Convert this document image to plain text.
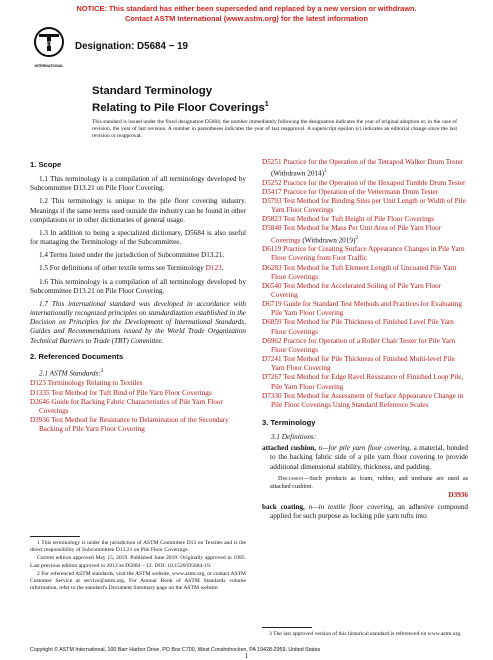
NOTICE: This standard has either been superseded and replaced by a new version or withdrawn.
Contact ASTM International (www.astm.org) for the latest information
ASTM
INTERNATIONAL
Designation: D5684 − 19
Standard Terminology
Relating to Pile Floor Coverings$^1$
This standard is issued under the fixed designation D5684; the number immediately following the designation indicates the year of original adoption or, in the case of revision, the year of last revision. A number in parentheses indicates the year of last reapproval. A superscript epsilon (ε) indicates an editorial change since the last revision or reapproval.
1. Scope

1.1 This terminology is a compilation of all terminology developed by Subcommittee D13.21 on Pile Floor Covering.

1.2 This terminology is unique to the pile floor covering industry. Meanings if the same terms used outside the industry can be found in other compilations or in other dictionaries of general usage.

1.3 In addition to being a specialized dictionary, D5684 is also useful for managing the Terminology of the Subcommittee.

1.4 Terms listed under the jurisdiction of Subcommittee D13.21.

1.5 For definitions of other textile terms see Terminology D123.

1.6 This terminology is a compilation of all terminology developed by Subcommittee D13.21 on Pile Floor Covering.

1.7 This international standard was developed in accordance with internationally recognized principles on standardization established in the Decision on Principles for the Development of International Standards, Guides and Recommendations issued by the World Trade Organization Technical Barriers to Trade (TBT) Committee.

2. Referenced Documents

2.1 ASTM Standards:$^2$

D123 Terminology Relating to Textiles
D1335 Test Method for Tuft Bind of Pile Yarn Floor Coverings
D2646 Guide for Backing Fabric Characteristics of Pile Yarn Floor Coverings
D3936 Test Method for Resistance to Delamination of the Secondary Backing of Pile Yarn Floor Covering

1 This terminology is under the jurisdiction of ASTM Committee D13 on Textiles and is the direct responsibility of Subcommittee D13.21 on Pile Floor Coverings.

Current edition approved May 15, 2019. Published June 2019. Originally approved in 1995. Last previous edition approved in 2012 as D5684 – 12. DOI: 10.1520/D5684-19.

2 For referenced ASTM standards, visit the ASTM website, www.astm.org, or contact ASTM Customer Service at service@astm.org. For Annual Book of ASTM Standards volume information, refer to the standard's Document Summary page on the ASTM website.

D5251 Practice for the Operation of the Tetrapod Walker Drum Tester (Withdrawn 2014)$^3$
D5252 Practice for the Operation of the Hexapod Tumble Drum Tester
D5417 Practice for Operation of the Vettermann Drum Tester
D5793 Test Method for Binding Sites per Unit Length or Width of Pile Yarn Floor Coverings
D5823 Test Method for Tuft Height of Pile Floor Coverings
D5848 Test Method for Mass Per Unit Area of Pile Yarn Floor Coverings (Withdrawn 2019)$^3$
D6119 Practice for Creating Surface Appearance Changes in Pile Yarn Floor Covering from Foot Traffic
D6283 Test Method for Tuft Element Length of Uncoated Pile Yarn Floor Coverings
D6540 Test Method for Accelerated Soiling of Pile Yarn Floor Covering
D6719 Guide for Standard Test Methods and Practices for Evaluating Pile Yarn Floor Covering
D6859 Test Method for Pile Thickness of Finished Level Pile Yarn Floor Coverings
D6962 Practice for Operation of a Roller Chair Tester for Pile Yarn Floor Coverings
D7241 Test Method for Pile Thickness of Finished Multi-level Pile Yarn Floor Covering
D7267 Test Method for Edge Ravel Resistance of Finished Loop Pile, Pile Yarn Floor Covering
D7330 Test Method for Assessment of Surface Appearance Change in Pile Floor Coverings Using Standard Reference Scales
3. Terminology

3.1 Definitions:

attached cushion, n—for pile yarn floor covering, a material, bonded to the backing fabric side of a pile yarn floor covering to provide additional dimensional stability, thickness, and padding.

Discussion—Such products as foam, rubber, and urethane are used as attached cushion.

D3936

back coating, n—in textile floor covering, an adhesive compound applied for such purpose as locking pile yarn tufts into

3 The last approved version of this historical standard is referenced on www.astm.org.

Copyright © ASTM International, 100 Barr Harbor Drive, PO Box C700, West Conshohocken, PA 19428-2959. United States
1
